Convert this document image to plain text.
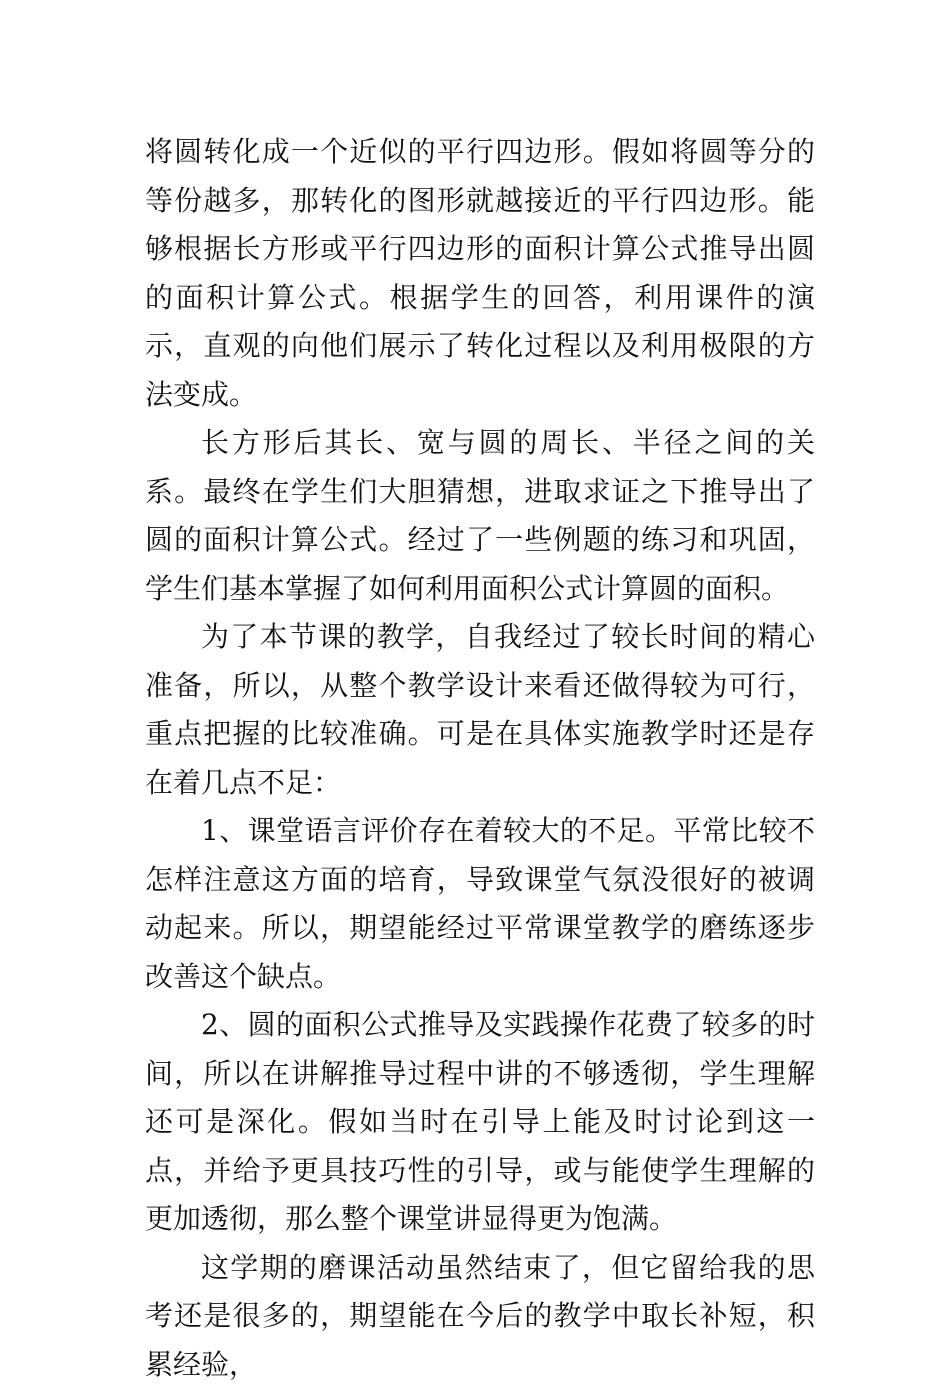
将圆转化成一个近似的平行四边形。假如将圆等分的等份越多，那转化的图形就越接近的平行四边形。能够根据长方形或平行四边形的面积计算公式推导出圆的面积计算公式。根据学生的回答，利用课件的演示，直观的向他们展示了转化过程以及利用极限的方法变成。

长方形后其长、宽与圆的周长、半径之间的关系。最终在学生们大胆猜想，进取求证之下推导出了圆的面积计算公式。经过了一些例题的练习和巩固，学生们基本掌握了如何利用面积公式计算圆的面积。

为了本节课的教学，自我经过了较长时间的精心准备，所以，从整个教学设计来看还做得较为可行，重点把握的比较准确。可是在具体实施教学时还是存在着几点不足：

1、课堂语言评价存在着较大的不足。平常比较不怎样注意这方面的培育，导致课堂气氛没很好的被调动起来。所以，期望能经过平常课堂教学的磨练逐步改善这个缺点。

2、圆的面积公式推导及实践操作花费了较多的时间，所以在讲解推导过程中讲的不够透彻，学生理解还可是深化。假如当时在引导上能及时讨论到这一点，并给予更具技巧性的引导，或与能使学生理解的更加透彻，那么整个课堂讲显得更为饱满。

这学期的磨课活动虽然结束了，但它留给我的思考还是很多的，期望能在今后的教学中取长补短，积累经验，
